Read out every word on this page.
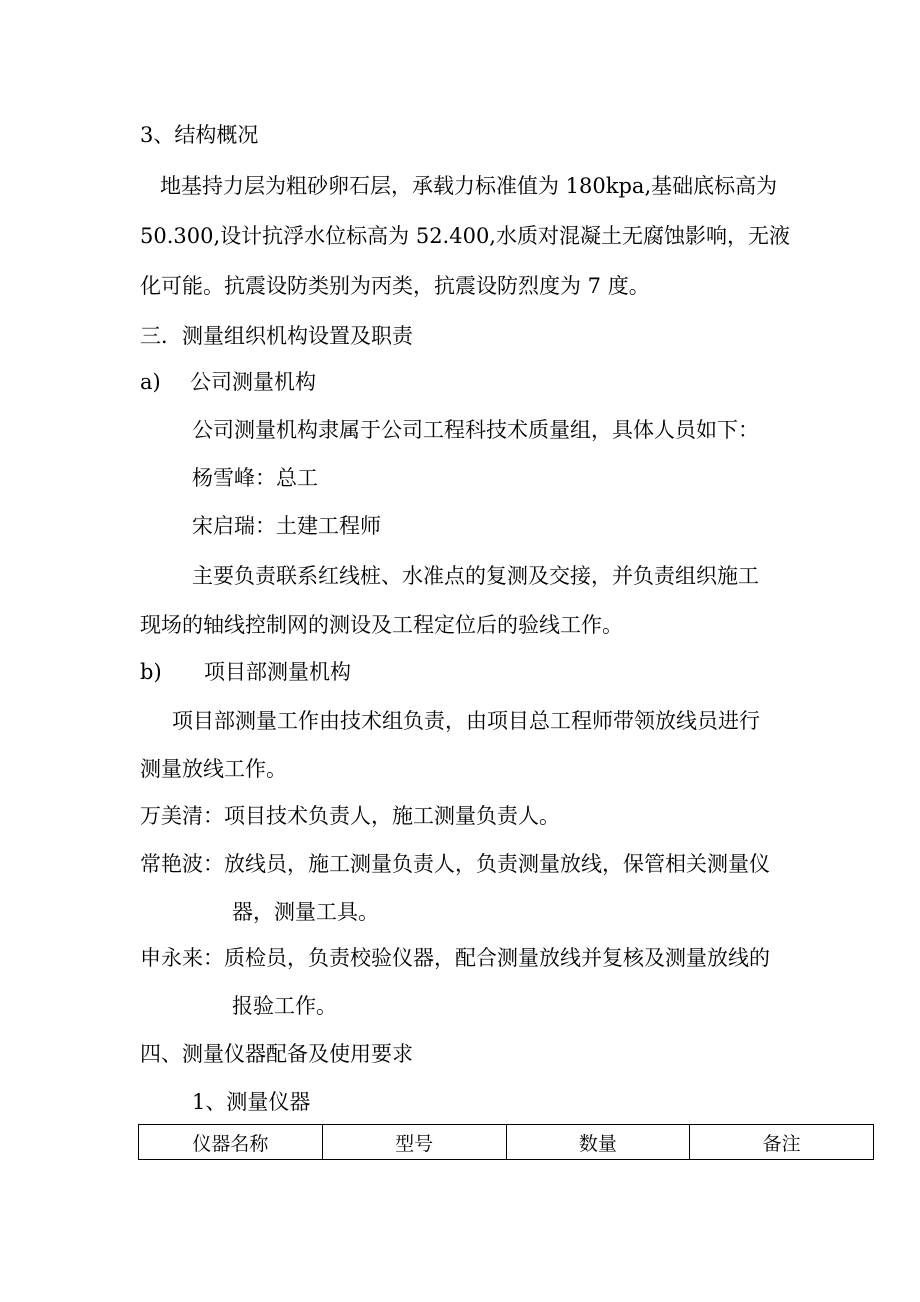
3、结构概况
地基持力层为粗砂卵石层，承载力标准值为 180kpa,基础底标高为
50.300,设计抗浮水位标高为 52.400,水质对混凝土无腐蚀影响，无液
化可能。抗震设防类别为丙类，抗震设防烈度为 7 度。
三．测量组织机构设置及职责
a) 公司测量机构
公司测量机构隶属于公司工程科技术质量组，具体人员如下：
杨雪峰：总工
宋启瑞：土建工程师
主要负责联系红线桩、水准点的复测及交接，并负责组织施工
现场的轴线控制网的测设及工程定位后的验线工作。
b) 项目部测量机构
项目部测量工作由技术组负责，由项目总工程师带领放线员进行
测量放线工作。
万美清：项目技术负责人，施工测量负责人。
常艳波：放线员，施工测量负责人，负责测量放线，保管相关测量仪
器，测量工具。
申永来：质检员，负责校验仪器，配合测量放线并复核及测量放线的
报验工作。
四、测量仪器配备及使用要求
1、测量仪器
仪器名称	型号	数量	备注
